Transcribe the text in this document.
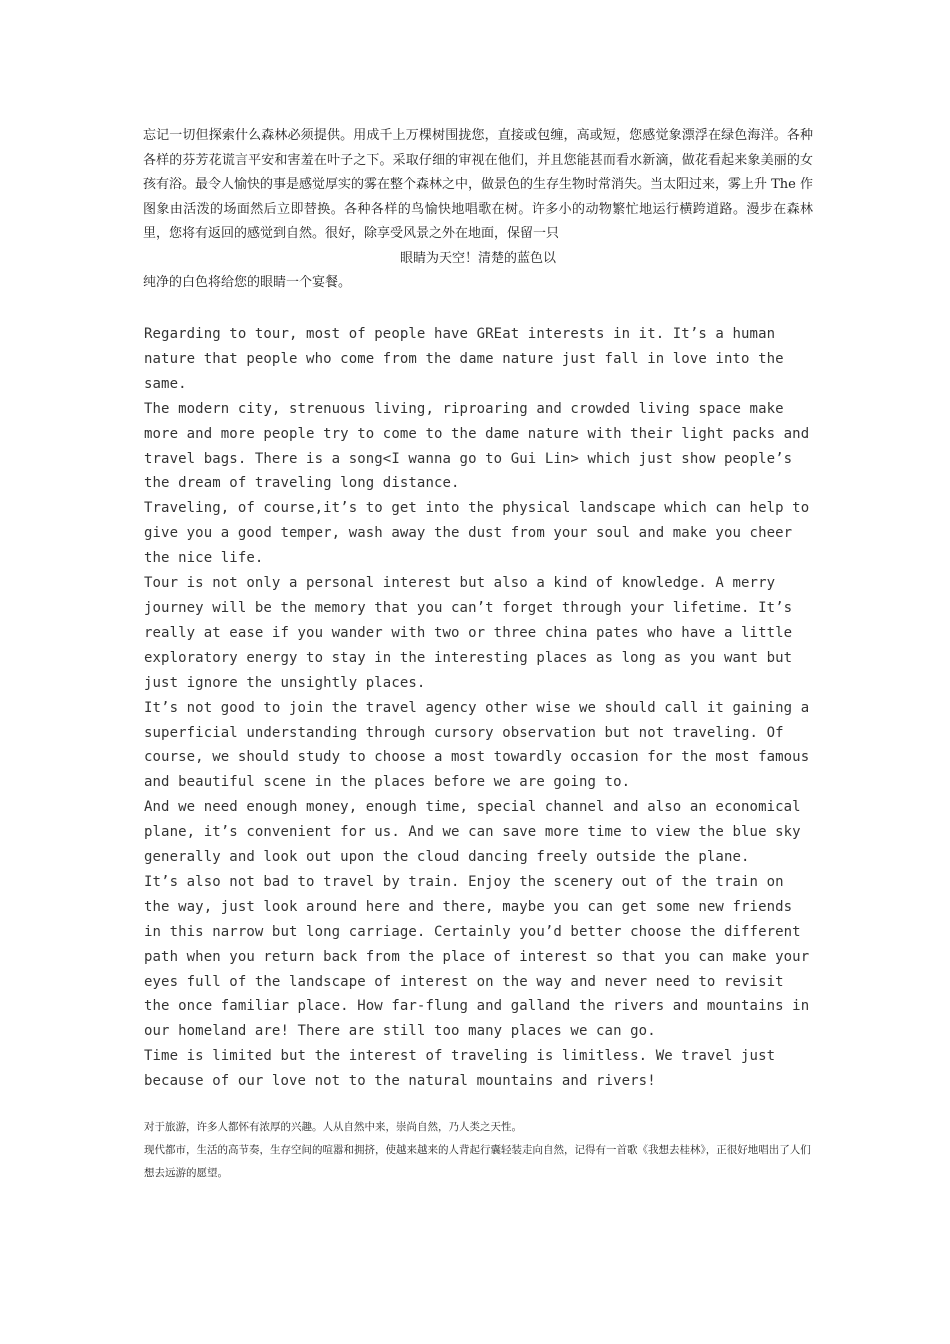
忘记一切但探索什么森林必须提供。用成千上万棵树围拢您，直接或包缠，高或短，您感觉象漂浮在绿色海洋。各种各样的芬芳花谎言平安和害羞在叶子之下。采取仔细的审视在他们，并且您能甚而看水新滴，做花看起来象美丽的女孩有浴。最令人愉快的事是感觉厚实的雾在整个森林之中，做景色的生存生物时常消失。当太阳过来，雾上升 The 作图象由活泼的场面然后立即替换。各种各样的鸟愉快地唱歌在树。许多小的动物繁忙地运行横跨道路。漫步在森林里，您将有返回的感觉到自然。很好，除享受风景之外在地面，保留一只

眼睛为天空！清楚的蓝色以

纯净的白色将给您的眼睛一个宴餐。

Regarding to tour, most of people have GREat interests in it. It’s a human nature that people who come from the dame nature just fall in love into the same.

The modern city, strenuous living, riproaring and crowded living space make more and more people try to come to the dame nature with their light packs and travel bags. There is a song<I wanna go to Gui Lin> which just show people’s the dream of traveling long distance.

Traveling, of course,it’s to get into the physical landscape which can help to give you a good temper, wash away the dust from your soul and make you cheer the nice life.

Tour is not only a personal interest but also a kind of knowledge. A merry journey will be the memory that you can’t forget through your lifetime. It’s really at ease if you wander with two or three china pates who have a little exploratory energy to stay in the interesting places as long as you want but just ignore the unsightly places.

It’s not good to join the travel agency other wise we should call it gaining a superficial understanding through cursory observation but not traveling. Of course, we should study to choose a most towardly occasion for the most famous and beautiful scene in the places before we are going to.

And we need enough money, enough time, special channel and also an economical plane, it’s convenient for us. And we can save more time to view the blue sky generally and look out upon the cloud dancing freely outside the plane.

It’s also not bad to travel by train. Enjoy the scenery out of the train on the way, just look around here and there, maybe you can get some new friends in this narrow but long carriage. Certainly you’d better choose the different path when you return back from the place of interest so that you can make your eyes full of the landscape of interest on the way and never need to revisit the once familiar place. How far-flung and galland the rivers and mountains in our homeland are! There are still too many places we can go.

Time is limited but the interest of traveling is limitless. We travel just because of our love not to the natural mountains and rivers!

对于旅游，许多人都怀有浓厚的兴趣。人从自然中来，崇尚自然，乃人类之天性。

现代都市，生活的高节奏，生存空间的喧嚣和拥挤，使越来越来的人背起行囊轻装走向自然，记得有一首歌《我想去桂林》，正很好地唱出了人们想去远游的愿望。
